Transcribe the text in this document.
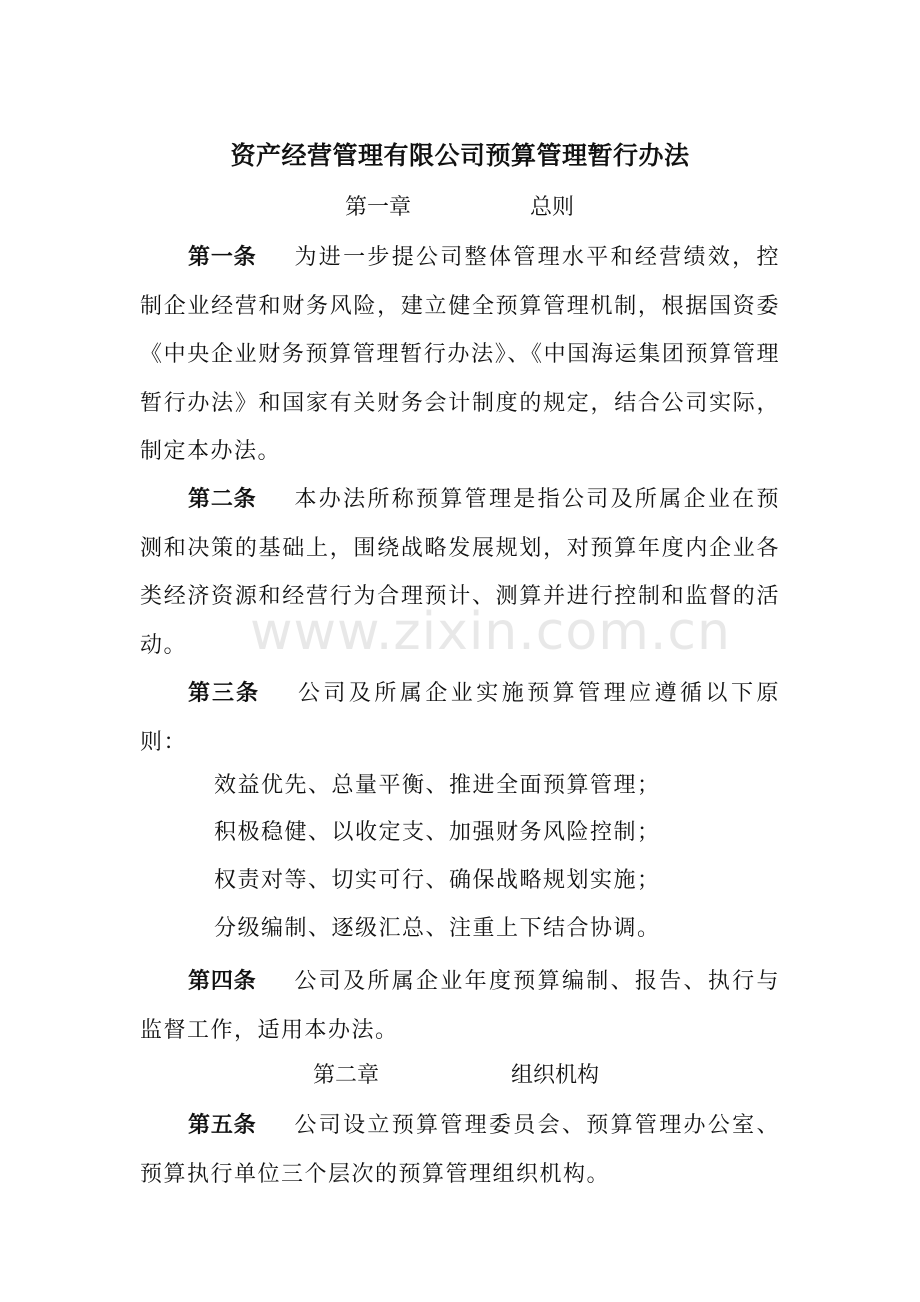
资产经营管理有限公司预算管理暂行办法
第一章	总则

第一条 为进一步提公司整体管理水平和经营绩效，控制企业经营和财务风险，建立健全预算管理机制，根据国资委《中央企业财务预算管理暂行办法》、《中国海运集团预算管理暂行办法》和国家有关财务会计制度的规定，结合公司实际，制定本办法。

第二条 本办法所称预算管理是指公司及所属企业在预测和决策的基础上，围绕战略发展规划，对预算年度内企业各类经济资源和经营行为合理预计、测算并进行控制和监督的活动。

第三条 公司及所属企业实施预算管理应遵循以下原则：

效益优先、总量平衡、推进全面预算管理；

积极稳健、以收定支、加强财务风险控制；

权责对等、切实可行、确保战略规划实施；

分级编制、逐级汇总、注重上下结合协调。

第四条 公司及所属企业年度预算编制、报告、执行与监督工作，适用本办法。

第二章	组织机构

第五条 公司设立预算管理委员会、预算管理办公室、预算执行单位三个层次的预算管理组织机构。

www.zixin.com.cn
